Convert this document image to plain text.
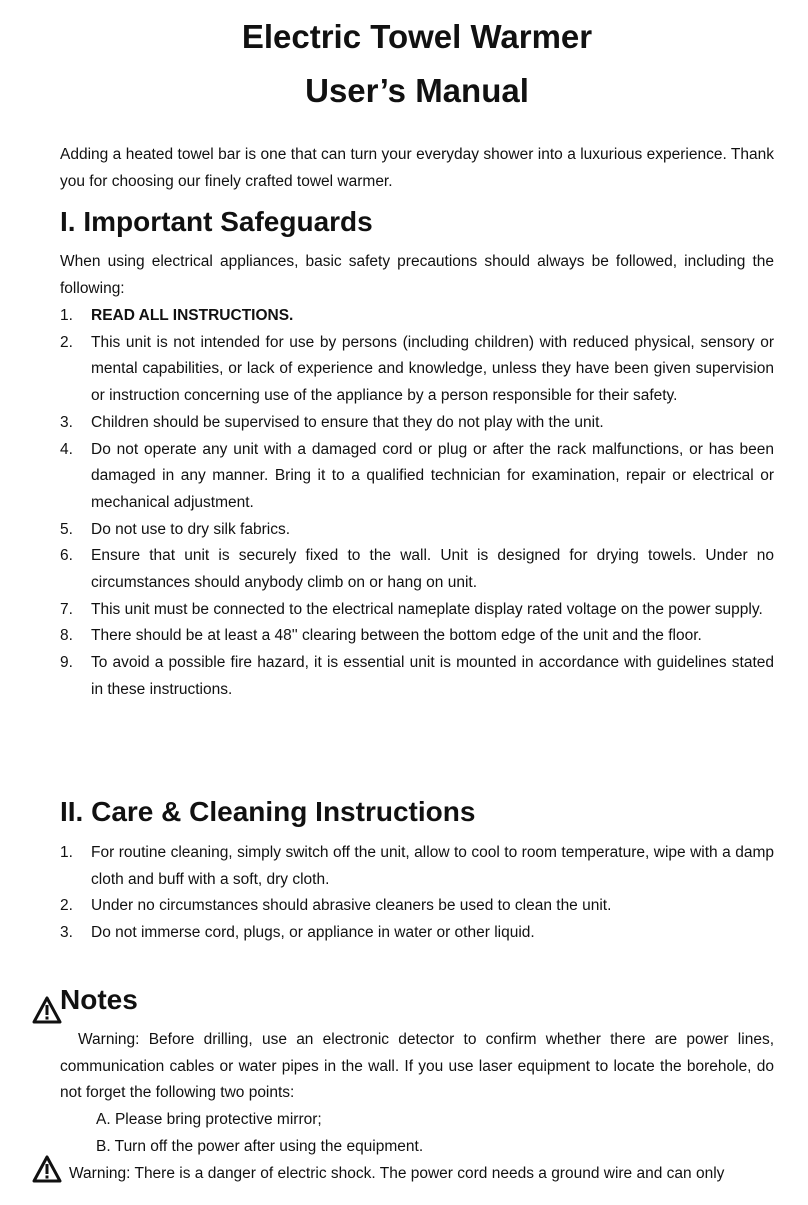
Electric Towel Warmer
User’s Manual

Adding a heated towel bar is one that can turn your everyday shower into a luxurious experience. Thank you for choosing our finely crafted towel warmer.

I. Important Safeguards

When using electrical appliances, basic safety precautions should always be followed, including the following:

1. READ ALL INSTRUCTIONS.
2. This unit is not intended for use by persons (including children) with reduced physical, sensory or mental capabilities, or lack of experience and knowledge, unless they have been given supervision or instruction concerning use of the appliance by a person responsible for their safety.
3. Children should be supervised to ensure that they do not play with the unit.
4. Do not operate any unit with a damaged cord or plug or after the rack malfunctions, or has been damaged in any manner. Bring it to a qualified technician for examination, repair or electrical or mechanical adjustment.
5. Do not use to dry silk fabrics.
6. Ensure that unit is securely fixed to the wall. Unit is designed for drying towels. Under no circumstances should anybody climb on or hang on unit.
7. This unit must be connected to the electrical nameplate display rated voltage on the power supply.
8. There should be at least a 48'' clearing between the bottom edge of the unit and the floor.
9. To avoid a possible fire hazard, it is essential unit is mounted in accordance with guidelines stated in these instructions.
II. Care & Cleaning Instructions
1. For routine cleaning, simply switch off the unit, allow to cool to room temperature, wipe with a damp cloth and buff with a soft, dry cloth.
2. Under no circumstances should abrasive cleaners be used to clean the unit.
3. Do not immerse cord, plugs, or appliance in water or other liquid.
Notes

Warning: Before drilling, use an electronic detector to confirm whether there are power lines, communication cables or water pipes in the wall. If you use laser equipment to locate the borehole, do not forget the following two points:

A. Please bring protective mirror;
B. Turn off the power after using the equipment.

Warning: There is a danger of electric shock. The power cord needs a ground wire and can only
